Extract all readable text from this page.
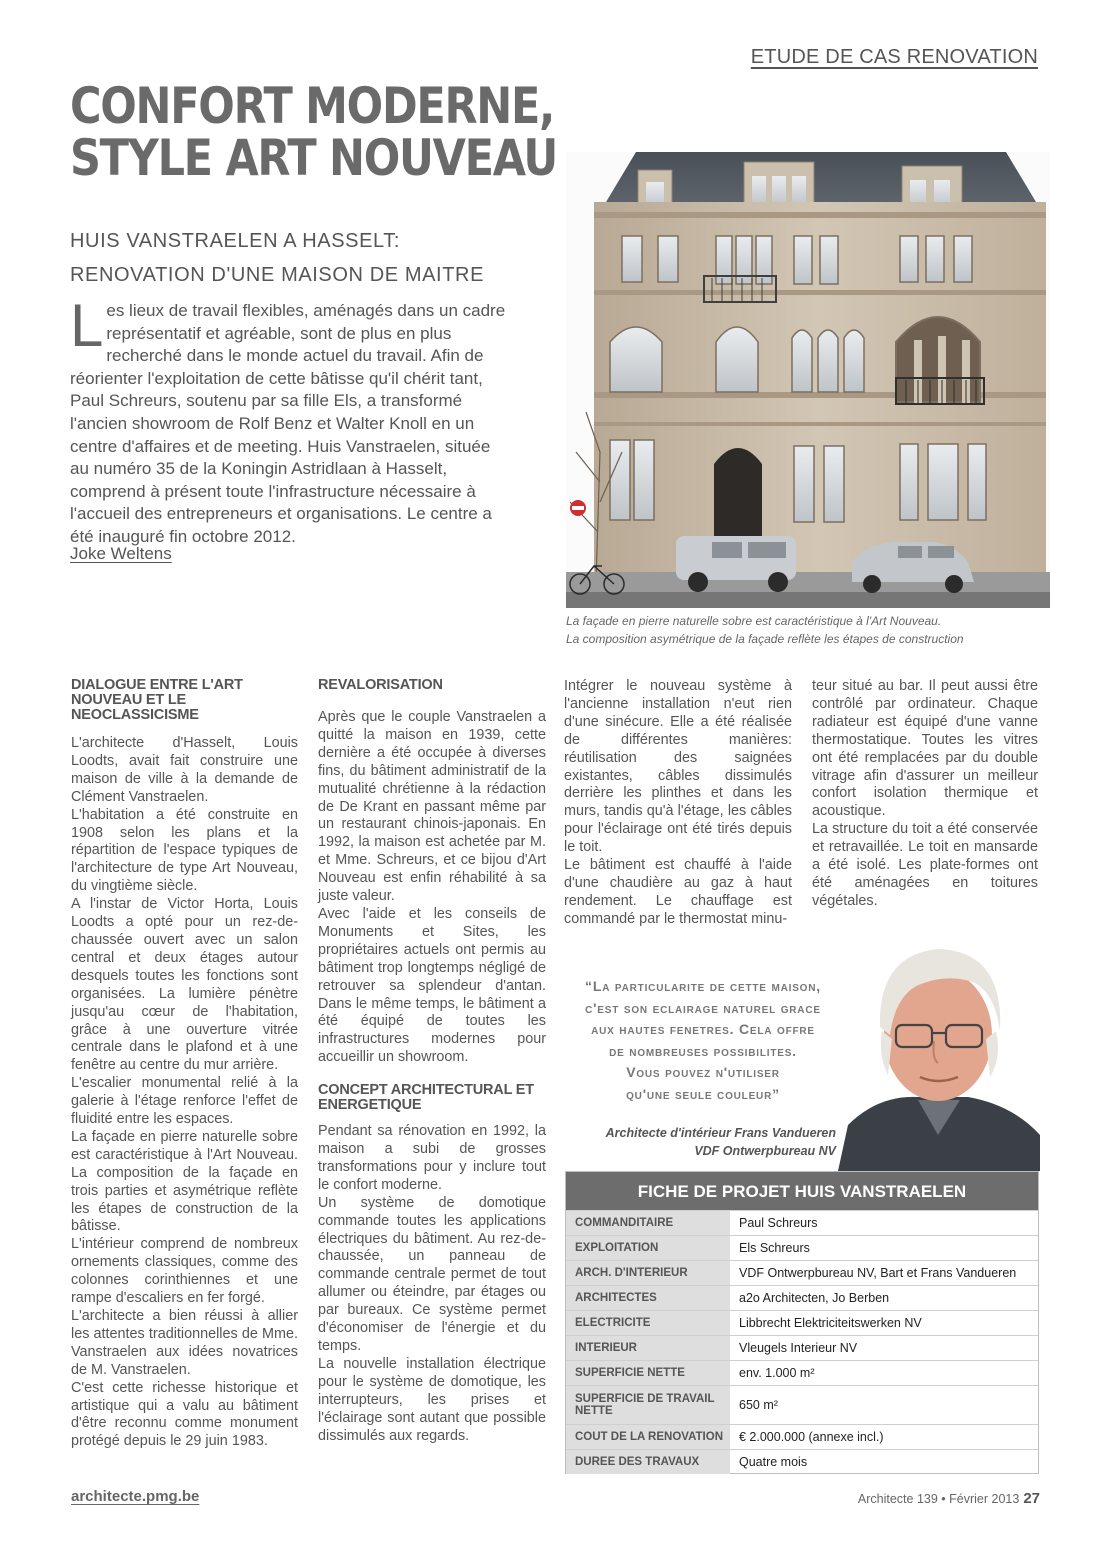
ETUDE DE CAS RENOVATION
CONFORT MODERNE,
STYLE ART NOUVEAU
HUIS VANSTRAELEN A HASSELT:
RENOVATION D'UNE MAISON DE MAITRE
Les lieux de travail flexibles, aménagés dans un cadre représentatif et agréable, sont de plus en plus recherché dans le monde actuel du travail. Afin de réorienter l'exploitation de cette bâtisse qu'il chérit tant, Paul Schreurs, soutenu par sa fille Els, a transformé l'ancien showroom de Rolf Benz et Walter Knoll en un centre d'affaires et de meeting. Huis Vanstraelen, située au numéro 35 de la Koningin Astridlaan à Hasselt, comprend à présent toute l'infrastructure nécessaire à l'accueil des entrepreneurs et organisations. Le centre a été inauguré fin octobre 2012.
Joke Weltens
La façade en pierre naturelle sobre est caractéristique à l'Art Nouveau.
La composition asymétrique de la façade reflète les étapes de construction
DIALOGUE ENTRE L'ART NOUVEAU ET LE NEOCLASSICISME

L'architecte d'Hasselt, Louis Loodts, avait fait construire une maison de ville à la demande de Clément Vanstraelen.

L'habitation a été construite en 1908 selon les plans et la répartition de l'espace typiques de l'architecture de type Art Nouveau, du vingtième siècle.

A l'instar de Victor Horta, Louis Loodts a opté pour un rez-de-chaussée ouvert avec un salon central et deux étages autour desquels toutes les fonctions sont organisées. La lumière pénètre jusqu'au cœur de l'habitation, grâce à une ouverture vitrée centrale dans le plafond et à une fenêtre au centre du mur arrière.

L'escalier monumental relié à la galerie à l'étage renforce l'effet de fluidité entre les espaces.

La façade en pierre naturelle sobre est caractéristique à l'Art Nouveau. La composition de la façade en trois parties et asymétrique reflète les étapes de construction de la bâtisse.

L'intérieur comprend de nombreux ornements classiques, comme des colonnes corinthiennes et une rampe d'escaliers en fer forgé.

L'architecte a bien réussi à allier les attentes traditionnelles de Mme. Vanstraelen aux idées novatrices de M. Vanstraelen.

C'est cette richesse historique et artistique qui a valu au bâtiment d'être reconnu comme monument protégé depuis le 29 juin 1983.

REVALORISATION

Après que le couple Vanstraelen a quitté la maison en 1939, cette dernière a été occupée à diverses fins, du bâtiment administratif de la mutualité chrétienne à la rédaction de De Krant en passant même par un restaurant chinois-japonais. En 1992, la maison est achetée par M. et Mme. Schreurs, et ce bijou d'Art Nouveau est enfin réhabilité à sa juste valeur.

Avec l'aide et les conseils de Monuments et Sites, les propriétaires actuels ont permis au bâtiment trop longtemps négligé de retrouver sa splendeur d'antan. Dans le même temps, le bâtiment a été équipé de toutes les infrastructures modernes pour accueillir un showroom.

CONCEPT ARCHITECTURAL ET ENERGETIQUE

Pendant sa rénovation en 1992, la maison a subi de grosses transformations pour y inclure tout le confort moderne.

Un système de domotique commande toutes les applications électriques du bâtiment. Au rez-de-chaussée, un panneau de commande centrale permet de tout allumer ou éteindre, par étages ou par bureaux. Ce système permet d'économiser de l'énergie et du temps.

La nouvelle installation électrique pour le système de domotique, les interrupteurs, les prises et l'éclairage sont autant que possible dissimulés aux regards.

Intégrer le nouveau système à l'ancienne installation n'eut rien d'une sinécure. Elle a été réalisée de différentes manières: réutilisation des saignées existantes, câbles dissimulés derrière les plinthes et dans les murs, tandis qu'à l'étage, les câbles pour l'éclairage ont été tirés depuis le toit.

Le bâtiment est chauffé à l'aide d'une chaudière au gaz à haut rendement. Le chauffage est commandé par le thermostat minu-

teur situé au bar. Il peut aussi être contrôlé par ordinateur. Chaque radiateur est équipé d'une vanne thermostatique. Toutes les vitres ont été remplacées par du double vitrage afin d'assurer un meilleur confort isolation thermique et acoustique.

La structure du toit a été conservée et retravaillée. Le toit en mansarde a été isolé. Les plate-formes ont été aménagées en toitures végétales.

“La particularite de cette maison,
c'est son eclairage naturel grace
aux hautes fenetres. Cela offre
de nombreuses possibilites.
Vous pouvez n'utiliser
qu'une seule couleur”
Architecte d'intérieur Frans Vandueren
VDF Ontwerpbureau NV
FICHE DE PROJET HUIS VANSTRAELEN
COMMANDITAIRE	Paul Schreurs
EXPLOITATION	Els Schreurs
ARCH. D'INTERIEUR	VDF Ontwerpbureau NV, Bart et Frans Vandueren
ARCHITECTES	a2o Architecten, Jo Berben
ELECTRICITE	Libbrecht Elektriciteitswerken NV
INTERIEUR	Vleugels Interieur NV
SUPERFICIE NETTE	env. 1.000 m²
SUPERFICIE DE TRAVAIL NETTE	650 m²
COUT DE LA RENOVATION	€ 2.000.000 (annexe incl.)
DUREE DES TRAVAUX	Quatre mois
architecte.pmg.be	Architecte 139 • Février 2013 27
